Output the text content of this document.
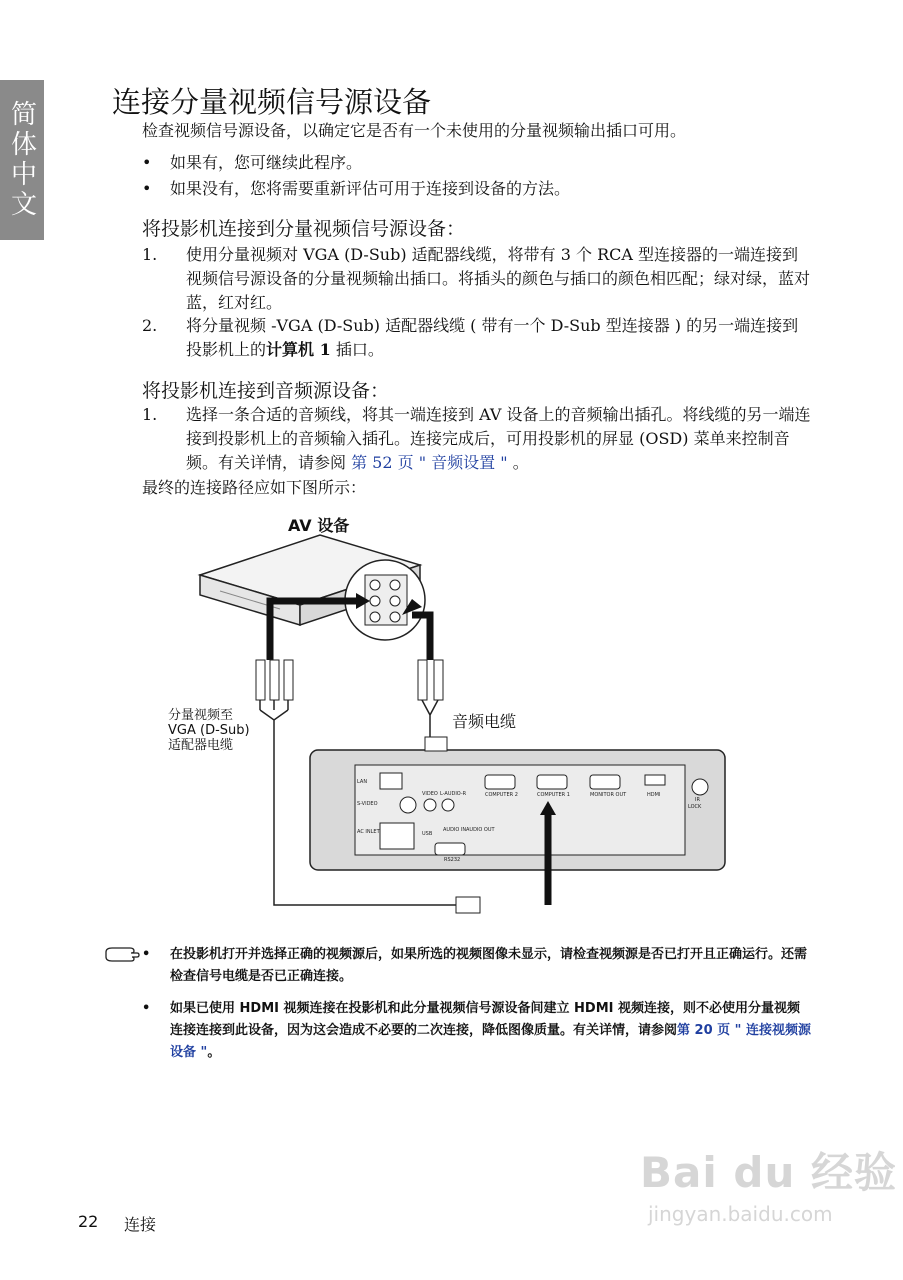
简体中文	连接分量视频信号源设备

检查视频信号源设备，以确定它是否有一个未使用的分量视频输出插口可用。

• 如果有，您可继续此程序。
• 如果没有，您将需要重新评估可用于连接到设备的方法。
将投影机连接到分量视频信号源设备：
1. 使用分量视频对 VGA (D-Sub) 适配器线缆，将带有 3 个 RCA 型连接器的一端连接到视频信号源设备的分量视频输出插口。将插头的颜色与插口的颜色相匹配；绿对绿，蓝对蓝，红对红。
2. 将分量视频 -VGA (D-Sub) 适配器线缆 ( 带有一个 D-Sub 型连接器 ) 的另一端连接到投影机上的计算机 1 插口。
将投影机连接到音频源设备：
1. 选择一条合适的音频线，将其一端连接到 AV 设备上的音频输出插孔。将线缆的另一端连接到投影机上的音频输入插孔。连接完成后，可用投影机的屏显 (OSD) 菜单来控制音频。有关详情，请参阅 第 52 页 " 音频设置 " 。

最终的连接路径应如下图所示：

AV 设备
分量视频至
VGA (D-Sub)
适配器电缆
音频电缆
LAN
S-VIDEO
VIDEO L-AUDIO-R	COMPUTER 2	COMPUTER 1	MONITOR OUT	HDMI
IR
LOCK
AC INLET	USB
AUDIO IN AUDIO OUT
RS232
• 在投影机打开并选择正确的视频源后，如果所选的视频图像未显示，请检查视频源是否已打开且正确运行。还需检查信号电缆是否已正确连接。
• 如果已使用 HDMI 视频连接在投影机和此分量视频信号源设备间建立 HDMI 视频连接，则不必使用分量视频连接连接到此设备，因为这会造成不必要的二次连接，降低图像质量。有关详情，请参阅第 20 页 " 连接视频源设备 "。
22 连接
Bai du 经验
jingyan.baidu.com
